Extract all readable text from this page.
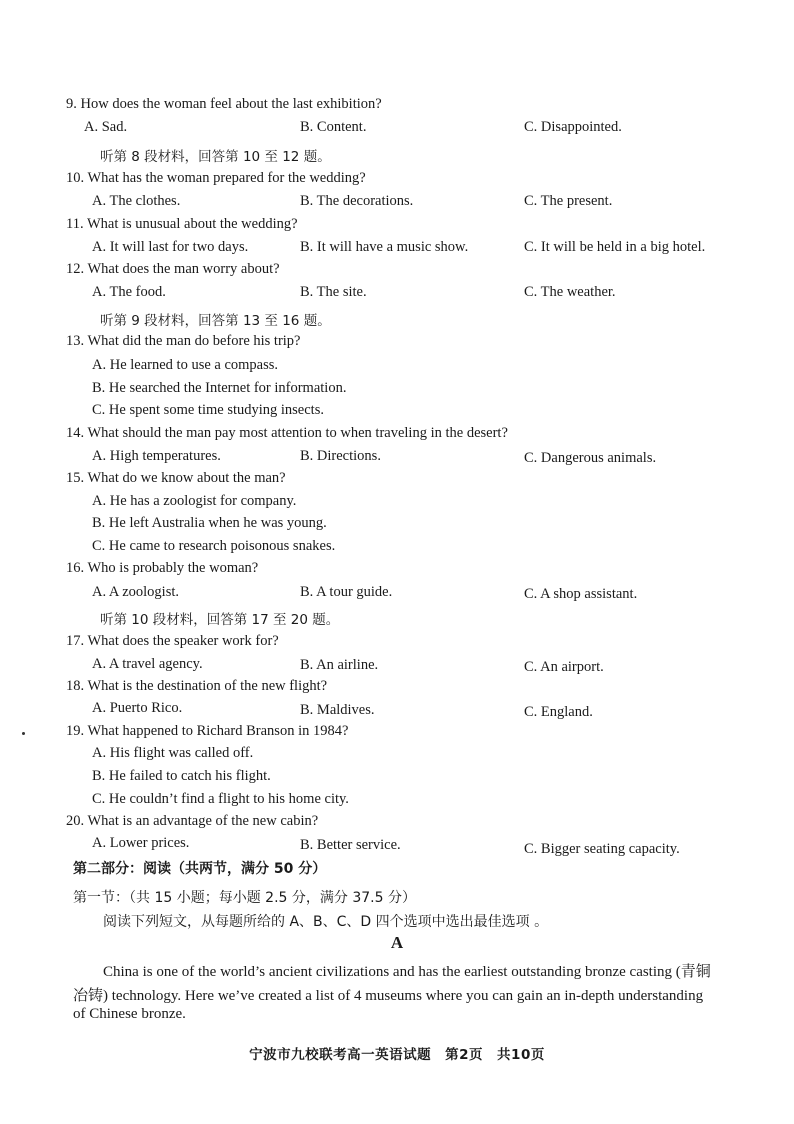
9. How does the woman feel about the last exhibition?
A. Sad.	B. Content.	C. Disappointed.
听第 8 段材料，回答第 10 至 12 题。
10. What has the woman prepared for the wedding?
A. The clothes.	B. The decorations.	C. The present.
11. What is unusual about the wedding?
A. It will last for two days.	B. It will have a music show.	C. It will be held in a big hotel.
12. What does the man worry about?
A. The food.	B. The site.	C. The weather.
听第 9 段材料，回答第 13 至 16 题。
13. What did the man do before his trip?
A. He learned to use a compass.
B. He searched the Internet for information.
C. He spent some time studying insects.
14. What should the man pay most attention to when traveling in the desert?
A. High temperatures.	B. Directions.	C. Dangerous animals.
15. What do we know about the man?
A. He has a zoologist for company.
B. He left Australia when he was young.
C. He came to research poisonous snakes.
16. Who is probably the woman?
A. A zoologist.	B. A tour guide.	C. A shop assistant.
听第 10 段材料，回答第 17 至 20 题。
17. What does the speaker work for?
A. A travel agency.	B. An airline.	C. An airport.
18. What is the destination of the new flight?
A. Puerto Rico.	B. Maldives.	C. England.
19. What happened to Richard Branson in 1984?
A. His flight was called off.
B. He failed to catch his flight.
C. He couldn’t find a flight to his home city.
20. What is an advantage of the new cabin?
A. Lower prices.	B. Better service.	C. Bigger seating capacity.
第二部分：阅读（共两节，满分 50 分）
第一节：（共 15 小题；每小题 2.5 分，满分 37.5 分）
阅读下列短文，从每题所给的 A、B、C、D 四个选项中选出最佳选项 。
A
China is one of the world’s ancient civilizations and has the earliest outstanding bronze casting (青铜
冶铸) technology. Here we’ve created a list of 4 museums where you can gain an in-depth understanding
of Chinese bronze.
宁波市九校联考高一英语试题　第2页　共10页
